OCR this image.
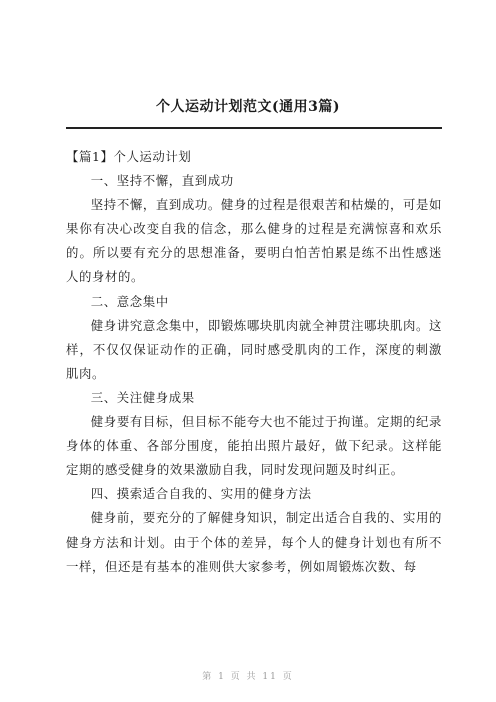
个人运动计划范文(通用3篇)

【篇1】个人运动计划

一、坚持不懈，直到成功

坚持不懈，直到成功。健身的过程是很艰苦和枯燥的，可是如果你有决心改变自我的信念，那么健身的过程是充满惊喜和欢乐的。所以要有充分的思想准备，要明白怕苦怕累是练不出性感迷人的身材的。

二、意念集中

健身讲究意念集中，即锻炼哪块肌肉就全神贯注哪块肌肉。这样，不仅仅保证动作的正确，同时感受肌肉的工作，深度的刺激肌肉。

三、关注健身成果

健身要有目标，但目标不能夸大也不能过于拘谨。定期的纪录身体的体重、各部分围度，能拍出照片最好，做下纪录。这样能定期的感受健身的效果激励自我，同时发现问题及时纠正。

四、摸索适合自我的、实用的健身方法

健身前，要充分的了解健身知识，制定出适合自我的、实用的健身方法和计划。由于个体的差异，每个人的健身计划也有所不一样，但还是有基本的准则供大家参考，例如周锻炼次数、每

第 1 页 共 11 页
